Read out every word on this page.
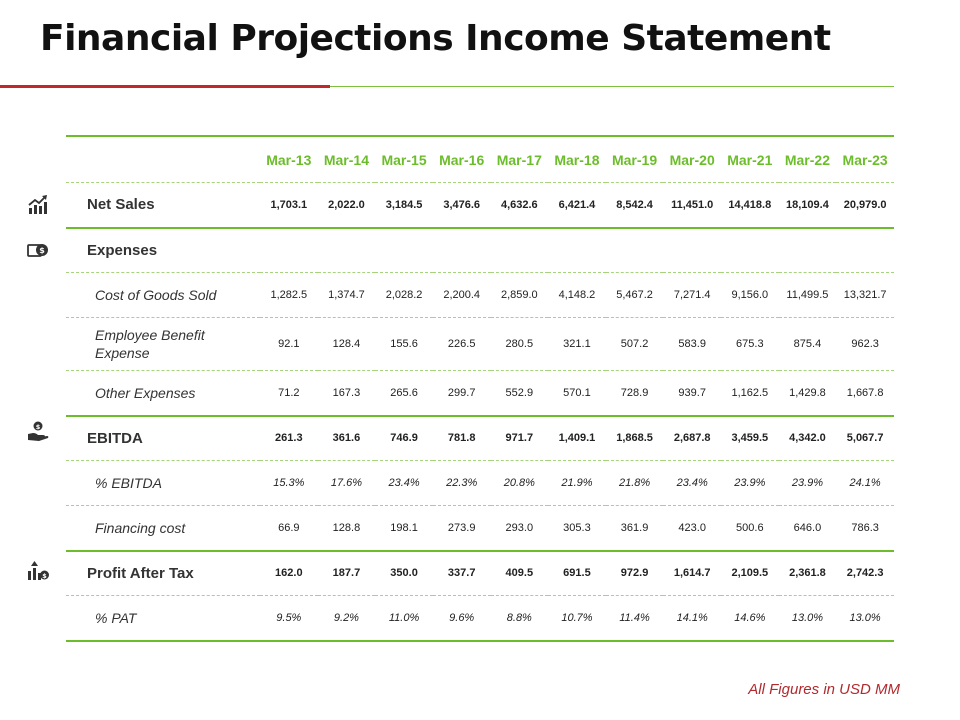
Financial Projections Income Statement
$
$
$
	Mar-13	Mar-14	Mar-15	Mar-16	Mar-17	Mar-18	Mar-19	Mar-20	Mar-21	Mar-22	Mar-23
Net Sales	1,703.1	2,022.0	3,184.5	3,476.6	4,632.6	6,421.4	8,542.4	11,451.0	14,418.8	18,109.4	20,979.0
Expenses											
Cost of Goods Sold	1,282.5	1,374.7	2,028.2	2,200.4	2,859.0	4,148.2	5,467.2	7,271.4	9,156.0	11,499.5	13,321.7
Employee Benefit Expense	92.1	128.4	155.6	226.5	280.5	321.1	507.2	583.9	675.3	875.4	962.3
Other Expenses	71.2	167.3	265.6	299.7	552.9	570.1	728.9	939.7	1,162.5	1,429.8	1,667.8
EBITDA	261.3	361.6	746.9	781.8	971.7	1,409.1	1,868.5	2,687.8	3,459.5	4,342.0	5,067.7
% EBITDA	15.3%	17.6%	23.4%	22.3%	20.8%	21.9%	21.8%	23.4%	23.9%	23.9%	24.1%
Financing cost	66.9	128.8	198.1	273.9	293.0	305.3	361.9	423.0	500.6	646.0	786.3
Profit After Tax	162.0	187.7	350.0	337.7	409.5	691.5	972.9	1,614.7	2,109.5	2,361.8	2,742.3
% PAT	9.5%	9.2%	11.0%	9.6%	8.8%	10.7%	11.4%	14.1%	14.6%	13.0%	13.0%
All Figures in USD MM
